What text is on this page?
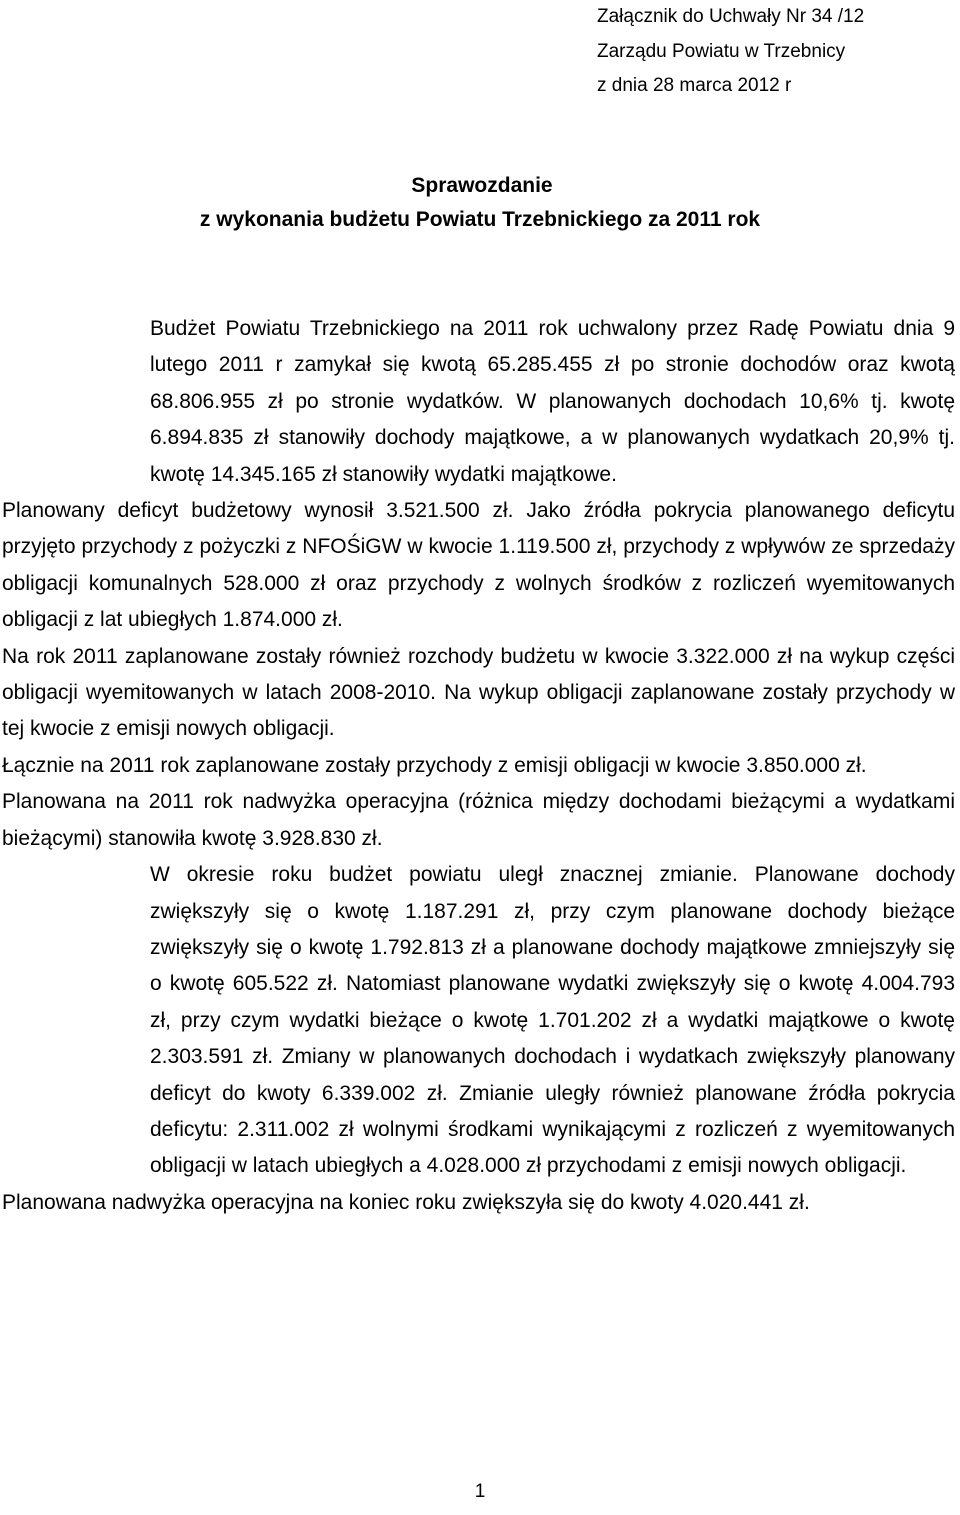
Załącznik do Uchwały Nr 34 /12
Zarządu Powiatu w Trzebnicy
z dnia 28 marca 2012 r
Sprawozdanie
z wykonania budżetu Powiatu Trzebnickiego za 2011 rok

Budżet Powiatu Trzebnickiego na 2011 rok uchwalony przez Radę Powiatu dnia 9 lutego 2011 r zamykał się kwotą 65.285.455 zł po stronie dochodów oraz kwotą 68.806.955 zł po stronie wydatków. W planowanych dochodach 10,6% tj. kwotę 6.894.835 zł stanowiły dochody majątkowe, a w planowanych wydatkach 20,9% tj. kwotę 14.345.165 zł stanowiły wydatki majątkowe.

Planowany deficyt budżetowy wynosił 3.521.500 zł. Jako źródła pokrycia planowanego deficytu przyjęto przychody z pożyczki z NFOŚiGW w kwocie 1.119.500 zł, przychody z wpływów ze sprzedaży obligacji komunalnych 528.000 zł oraz przychody z wolnych środków z rozliczeń wyemitowanych obligacji z lat ubiegłych 1.874.000 zł.

Na rok 2011 zaplanowane zostały również rozchody budżetu w kwocie 3.322.000 zł na wykup części obligacji wyemitowanych w latach 2008-2010. Na wykup obligacji zaplanowane zostały przychody w tej kwocie z emisji nowych obligacji.

Łącznie na 2011 rok zaplanowane zostały przychody z emisji obligacji w kwocie 3.850.000 zł.

Planowana na 2011 rok nadwyżka operacyjna (różnica między dochodami bieżącymi a wydatkami bieżącymi) stanowiła kwotę 3.928.830 zł.

W okresie roku budżet powiatu uległ znacznej zmianie. Planowane dochody zwiększyły się o kwotę 1.187.291 zł, przy czym planowane dochody bieżące zwiększyły się o kwotę 1.792.813 zł a planowane dochody majątkowe zmniejszyły się o kwotę 605.522 zł. Natomiast planowane wydatki zwiększyły się o kwotę 4.004.793 zł, przy czym wydatki bieżące o kwotę 1.701.202 zł a wydatki majątkowe o kwotę 2.303.591 zł. Zmiany w planowanych dochodach i wydatkach zwiększyły planowany deficyt do kwoty 6.339.002 zł. Zmianie uległy również planowane źródła pokrycia deficytu: 2.311.002 zł wolnymi środkami wynikającymi z rozliczeń z wyemitowanych obligacji w latach ubiegłych a 4.028.000 zł przychodami z emisji nowych obligacji.

Planowana nadwyżka operacyjna na koniec roku zwiększyła się do kwoty 4.020.441 zł.

1
